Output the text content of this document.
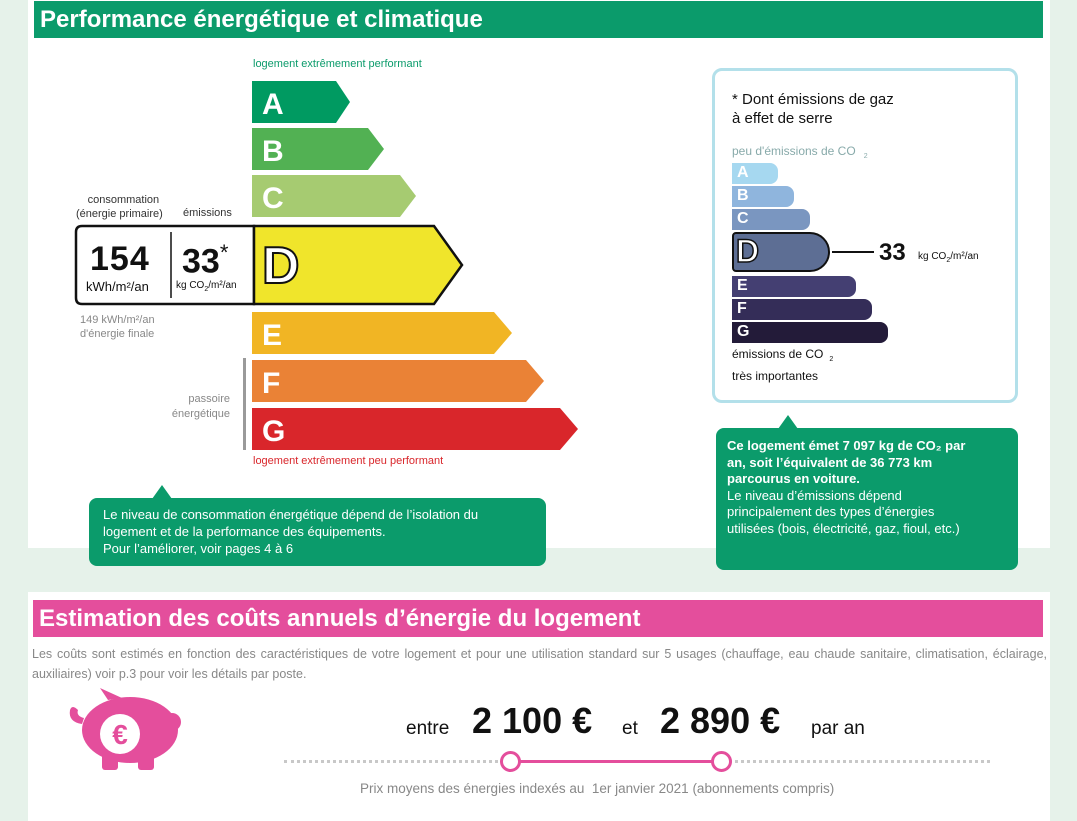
Performance énergétique et climatique
logement extrêmement performant
logement extrêmement peu performant
A
B
C
D
154
kWh/m²/an
33*
kg $CO_2/m^2/an$
consommation
(énergie primaire) émissions
149 kWh/m²/an
d'énergie finale	E
F
G
passoire
énergétique

Le niveau de consommation énergétique dépend de l’isolation du

logement et de la performance des équipements.

Pour l’améliorer, voir pages 4 à 6

* Dont émissions de gaz
à effet de serre
peu d'émissions de CO $_2$
A
B
C
D	33 kg $CO_2/m^2/an$
E
F
G
émissions de CO $_2$
très importantes

Ce logement émet 7 097 kg de CO₂ par

an, soit l’équivalent de 36 773 km

parcourus en voiture.

Le niveau d’émissions dépend

principalement des types d’énergies

utilisées (bois, électricité, gaz, fioul, etc.)

Estimation des coûts annuels d’énergie du logement
Les coûts sont estimés en fonction des caractéristiques de votre logement et pour une utilisation standard sur 5 usages (chauffage, eau chaude sanitaire, climatisation, éclairage, auxiliaires) voir p.3 pour voir les détails par poste.
€	entre 2 100 € et 2 890 € par an
Prix moyens des énergies indexés au  1er janvier 2021 (abonnements compris)
